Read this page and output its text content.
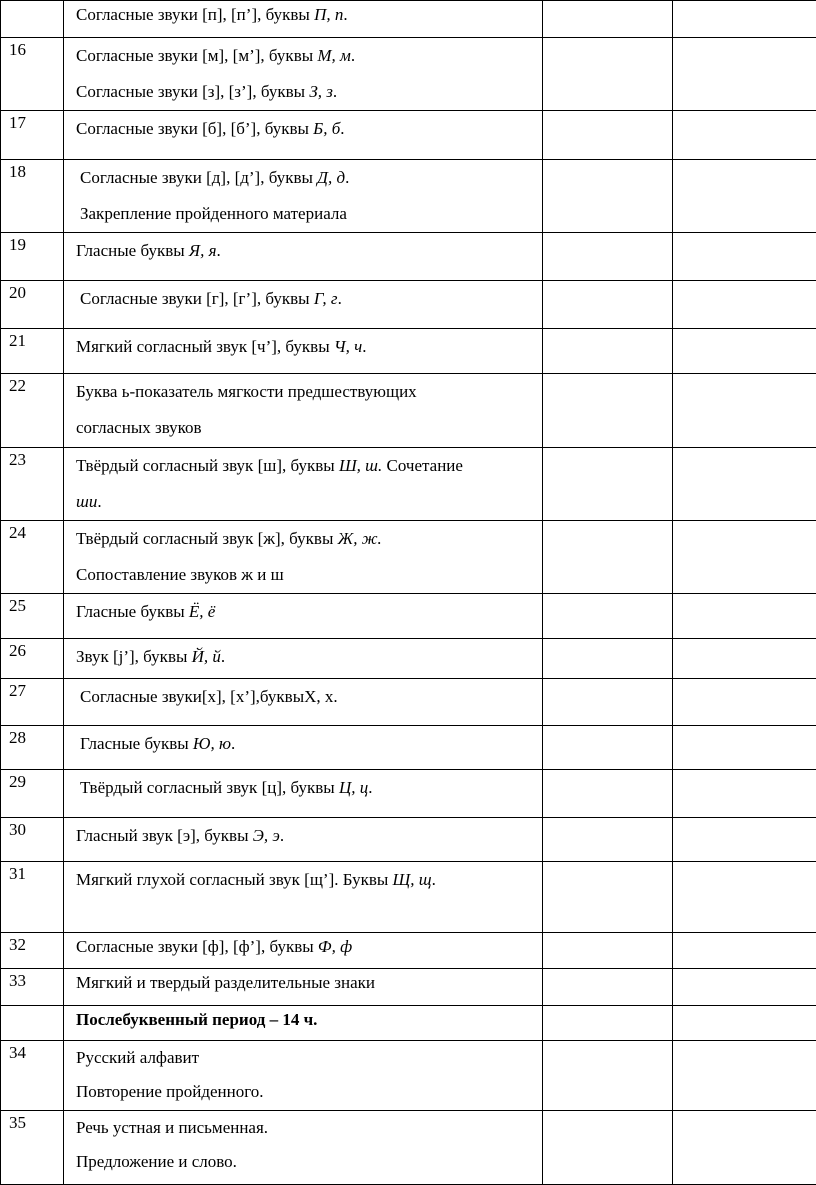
	Согласные звуки [п], [п’], буквы П, п.		

16	Согласные звуки [м], [м’], буквы М, м.
Согласные звуки [з], [з’], буквы З, з.		

17	Согласные звуки [б], [б’], буквы Б, б.		

18	Согласные звуки [д], [д’], буквы Д, д.
Закрепление пройденного материала		

19	Гласные буквы Я, я.		

20	Согласные звуки [г], [г’], буквы Г, г.		

21	Мягкий согласный звук [ч’], буквы Ч, ч.		

22	Буква ь-показатель мягкости предшествующих
согласных звуков		

23	Твёрдый согласный звук [ш], буквы Ш, ш. Сочетание
ши.		

24	Твёрдый согласный звук [ж], буквы Ж, ж.
Сопоставление звуков ж и ш		

25	Гласные буквы Ё, ё		

26	Звук [j’], буквы Й, й.		

27	Согласные звуки[х], [х’],буквыХ, х.		

28	Гласные буквы Ю, ю.		

29	Твёрдый согласный звук [ц], буквы Ц, ц.		

30	Гласный звук [э], буквы Э, э.		

31	Мягкий глухой согласный звук [щ’]. Буквы Щ, щ.		

32	Согласные звуки [ф], [ф’], буквы Ф, ф		

33	Мягкий и твердый разделительные знаки		

	Послебуквенный период – 14 ч.		

34	Русский алфавит
Повторение пройденного.		

35	Речь устная и письменная.
Предложение и слово.		
